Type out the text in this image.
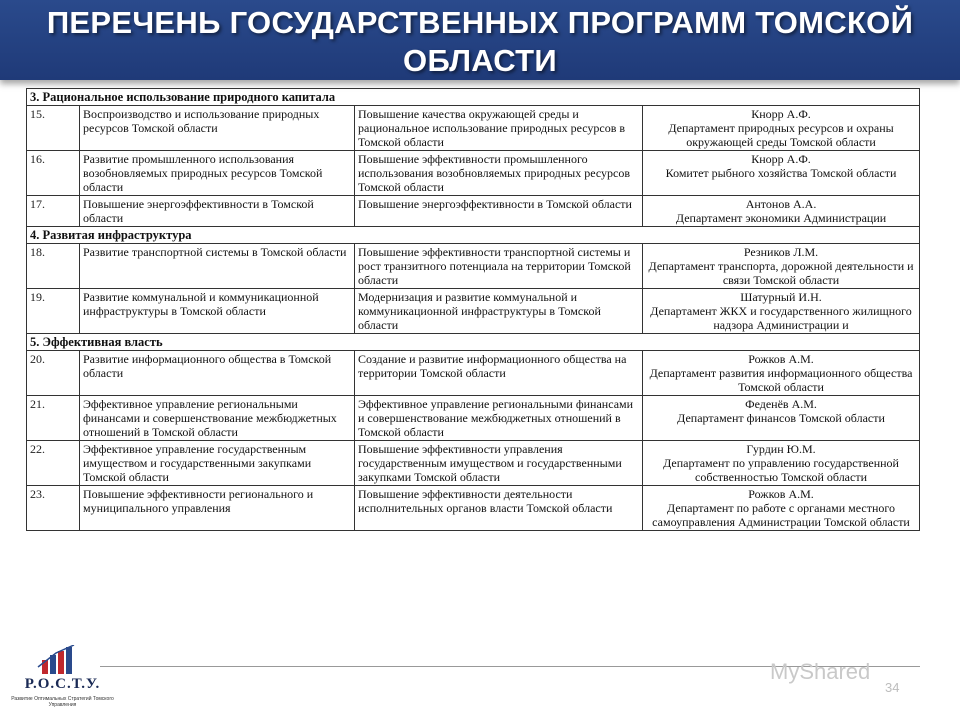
ПЕРЕЧЕНЬ ГОСУДАРСТВЕННЫХ ПРОГРАММ ТОМСКОЙ ОБЛАСТИ
3. Рациональное использование природного капитала			
15.	Воспроизводство и использование природных ресурсов Томской области	Повышение качества окружающей среды и рациональное использование природных ресурсов в Томской области	Кнорр А.Ф.
Департамент природных ресурсов и охраны окружающей среды Томской области

16.	Развитие промышленного использования возобновляемых природных ресурсов Томской области	Повышение эффективности промышленного использования возобновляемых природных ресурсов Томской области	Кнорр А.Ф.
Комитет рыбного хозяйства Томской области

17.	Повышение энергоэффективности в Томской области	Повышение энергоэффективности в Томской области	Антонов А.А.
Департамент экономики Администрации

4. Развитая инфраструктура			
18.	Развитие транспортной системы в Томской области	Повышение эффективности транспортной системы и рост транзитного потенциала на территории Томской области	Резников Л.М.
Департамент транспорта, дорожной деятельности и связи Томской области

19.	Развитие коммунальной и коммуникационной инфраструктуры в Томской области	Модернизация и развитие коммунальной и коммуникационной инфраструктуры в Томской области	Шатурный И.Н.
Департамент ЖКХ и государственного жилищного надзора Администрации и

5. Эффективная власть			
20.	Развитие информационного общества в Томской области	Создание и развитие информационного общества на территории Томской области	Рожков А.М.
Департамент развития информационного общества Томской области

21.	Эффективное управление региональными финансами и совершенствование межбюджетных отношений в Томской области	Эффективное управление региональными финансами и совершенствование межбюджетных отношений в Томской области	Феденёв А.М.
Департамент финансов Томской области

22.	Эффективное управление государственным имуществом и государственными закупками Томской области	Повышение эффективности управления государственным имуществом и государственными закупками Томской области	Гурдин Ю.М.
Департамент по управлению государственной собственностью Томской области

23.	Повышение эффективности регионального и муниципального управления	Повышение эффективности деятельности исполнительных органов власти Томской области	Рожков А.М.
Департамент по работе с органами местного самоуправления Администрации Томской области
Р.О.С.Т.У.
Развитие Оптимальных Стратегий Томского Управления
MyShared
34
